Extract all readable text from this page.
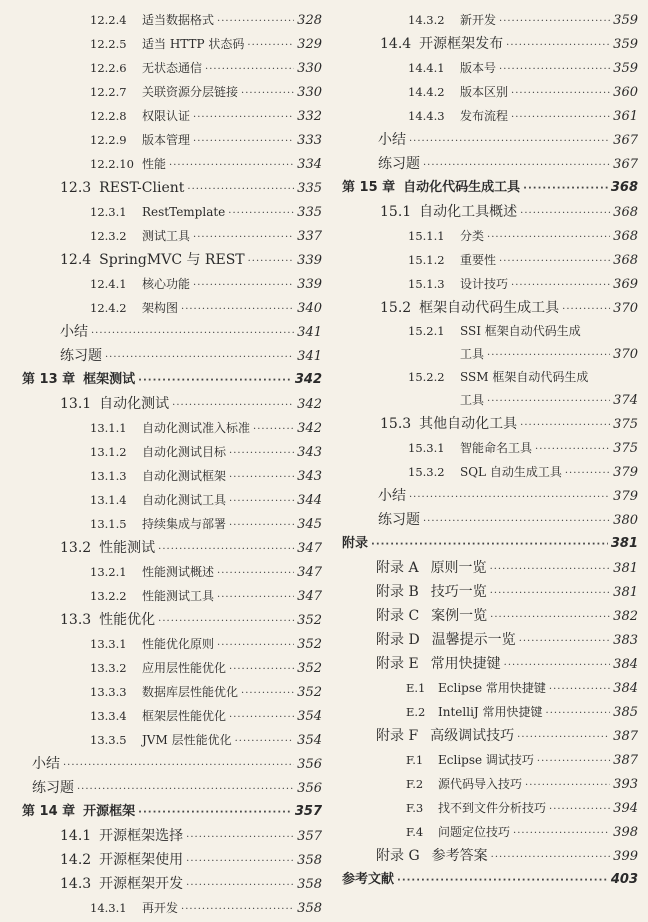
12.2.4 适当数据格式 ·····	328
12.2.5 适当 HTTP 状态码 ·····	329
12.2.6 无状态通信 ·····	330
12.2.7 关联资源分层链接 ·····	330
12.2.8 权限认证 ·····	332
12.2.9 版本管理 ·····	333
12.2.10 性能 ·····	334
12.3 REST-Client ·····	335
12.3.1 RestTemplate ·····	335
12.3.2 测试工具 ·····	337
12.4 SpringMVC 与 REST ·····	339
12.4.1 核心功能 ·····	339
12.4.2 架构图 ·····	340
小结 ·····	341
练习题 ·····	341
第 13 章 框架测试 ·····	342
13.1 自动化测试 ·····	342
13.1.1 自动化测试准入标准 ·····	342
13.1.2 自动化测试目标 ·····	343
13.1.3 自动化测试框架 ·····	343
13.1.4 自动化测试工具 ·····	344
13.1.5 持续集成与部署 ·····	345
13.2 性能测试 ·····	347
13.2.1 性能测试概述 ·····	347
13.2.2 性能测试工具 ·····	347
13.3 性能优化 ·····	352
13.3.1 性能优化原则 ·····	352
13.3.2 应用层性能优化 ·····	352
13.3.3 数据库层性能优化 ·····	352
13.3.4 框架层性能优化 ·····	354
13.3.5 JVM 层性能优化 ·····	354
小结 ·····	356
练习题 ·····	356
第 14 章 开源框架 ·····	357
14.1 开源框架选择 ·····	357
14.2 开源框架使用 ·····	358
14.3 开源框架开发 ·····	358
14.3.1 再开发 ·····	358
14.3.2 新开发 ·····	359
14.4 开源框架发布 ·····	359
14.4.1 版本号 ·····	359
14.4.2 版本区别 ·····	360
14.4.3 发布流程 ·····	361
小结 ·····	367
练习题 ·····	367
第 15 章 自动化代码生成工具 ·····	368
15.1 自动化工具概述 ·····	368
15.1.1 分类 ·····	368
15.1.2 重要性 ·····	368
15.1.3 设计技巧 ·····	369
15.2 框架自动代码生成工具 ·····	370
15.2.1 SSI 框架自动代码生成
工具 ·····	370
15.2.2 SSM 框架自动代码生成
工具 ·····	374
15.3 其他自动化工具 ·····	375
15.3.1 智能命名工具 ·····	375
15.3.2 SQL 自动生成工具 ·····	379
小结 ·····	379
练习题 ·····	380
附录 ·····	381
附录 A 原则一览 ·····	381
附录 B 技巧一览 ·····	381
附录 C 案例一览 ·····	382
附录 D 温馨提示一览 ·····	383
附录 E 常用快捷键 ·····	384
E.1 Eclipse 常用快捷键 ·····	384
E.2 IntelliJ 常用快捷键 ·····	385
附录 F 高级调试技巧 ·····	387
F.1 Eclipse 调试技巧 ·····	387
F.2 源代码导入技巧 ·····	393
F.3 找不到文件分析技巧 ·····	394
F.4 问题定位技巧 ·····	398
附录 G 参考答案 ·····	399
参考文献 ·····	403
